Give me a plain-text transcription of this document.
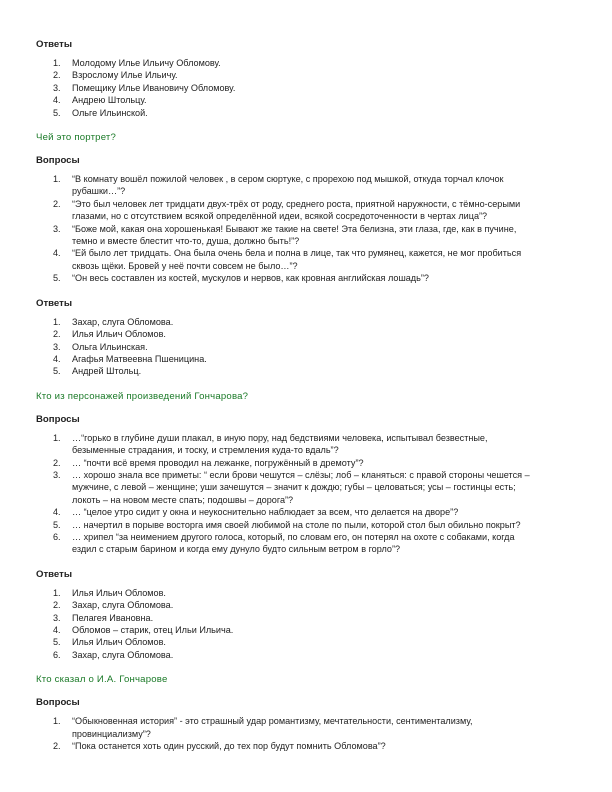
Ответы

1. Молодому Илье Ильичу Обломову.
2. Взрослому Илье Ильичу.
3. Помещику Илье Ивановичу Обломову.
4. Андрею Штольцу.
5. Ольге Ильинской.

Чей это портрет?

Вопросы

1. “В комнату вошёл пожилой человек , в сером сюртуке, с прорехою под мышкой, откуда торчал клочок
рубашки…”?
2. “Это был человек лет тридцати двух-трёх от роду, среднего роста, приятной наружности, с тёмно-серыми
глазами, но с отсутствием всякой определённой идеи, всякой сосредоточенности в чертах лица”?
3. “Боже мой, какая она хорошенькая! Бывают же такие на свете! Эта белизна, эти глаза, где, как в пучине,
темно и вместе блестит что-то, душа, должно быть!”?
4. “Ей было лет тридцать. Она была очень бела и полна в лице, так что румянец, кажется, не мог пробиться
сквозь щёки. Бровей у неё почти совсем не было…”?
5. “Он весь составлен из костей, мускулов и нервов, как кровная английская лошадь”?

Ответы

1. Захар, слуга Обломова.
2. Илья Ильич Обломов.
3. Ольга Ильинская.
4. Агафья Матвеевна Пшеницина.
5. Андрей Штольц.

Кто из персонажей произведений Гончарова?

Вопросы

1. …“горько в глубине души плакал, в иную пору, над бедствиями человека, испытывал безвестные,
безыменные страдания, и тоску, и стремления куда-то вдаль”?
2. … “почти всё время проводил на лежанке, погружённый в дремоту”?
3. … хорошо знала все приметы: “ если брови чешутся – слёзы; лоб – кланяться: с правой стороны чешется –
мужчине, с левой – женщине; уши зачешутся – значит к дождю; губы – целоваться; усы – гостинцы есть;
локоть – на новом месте спать; подошвы – дорога”?
4. … “целое утро сидит у окна и неукоснительно наблюдает за всем, что делается на дворе”?
5. … начертил в порыве восторга имя своей любимой на столе по пыли, которой стол был обильно покрыт?
6. … хрипел “за неимением другого голоса, который, по словам его, он потерял на охоте с собаками, когда
ездил с старым барином и когда ему дунуло будто сильным ветром в горло”?

Ответы

1. Илья Ильич Обломов.
2. Захар, слуга Обломова.
3. Пелагея Ивановна.
4. Обломов – старик, отец Ильи Ильича.
5. Илья Ильич Обломов.
6. Захар, слуга Обломова.

Кто сказал о И.А. Гончарове

Вопросы

1. “Обыкновенная история” - это страшный удар романтизму, мечтательности, сентиментализму,
провинциализму”?
2. “Пока останется хоть один русский, до тех пор будут помнить Обломова”?
